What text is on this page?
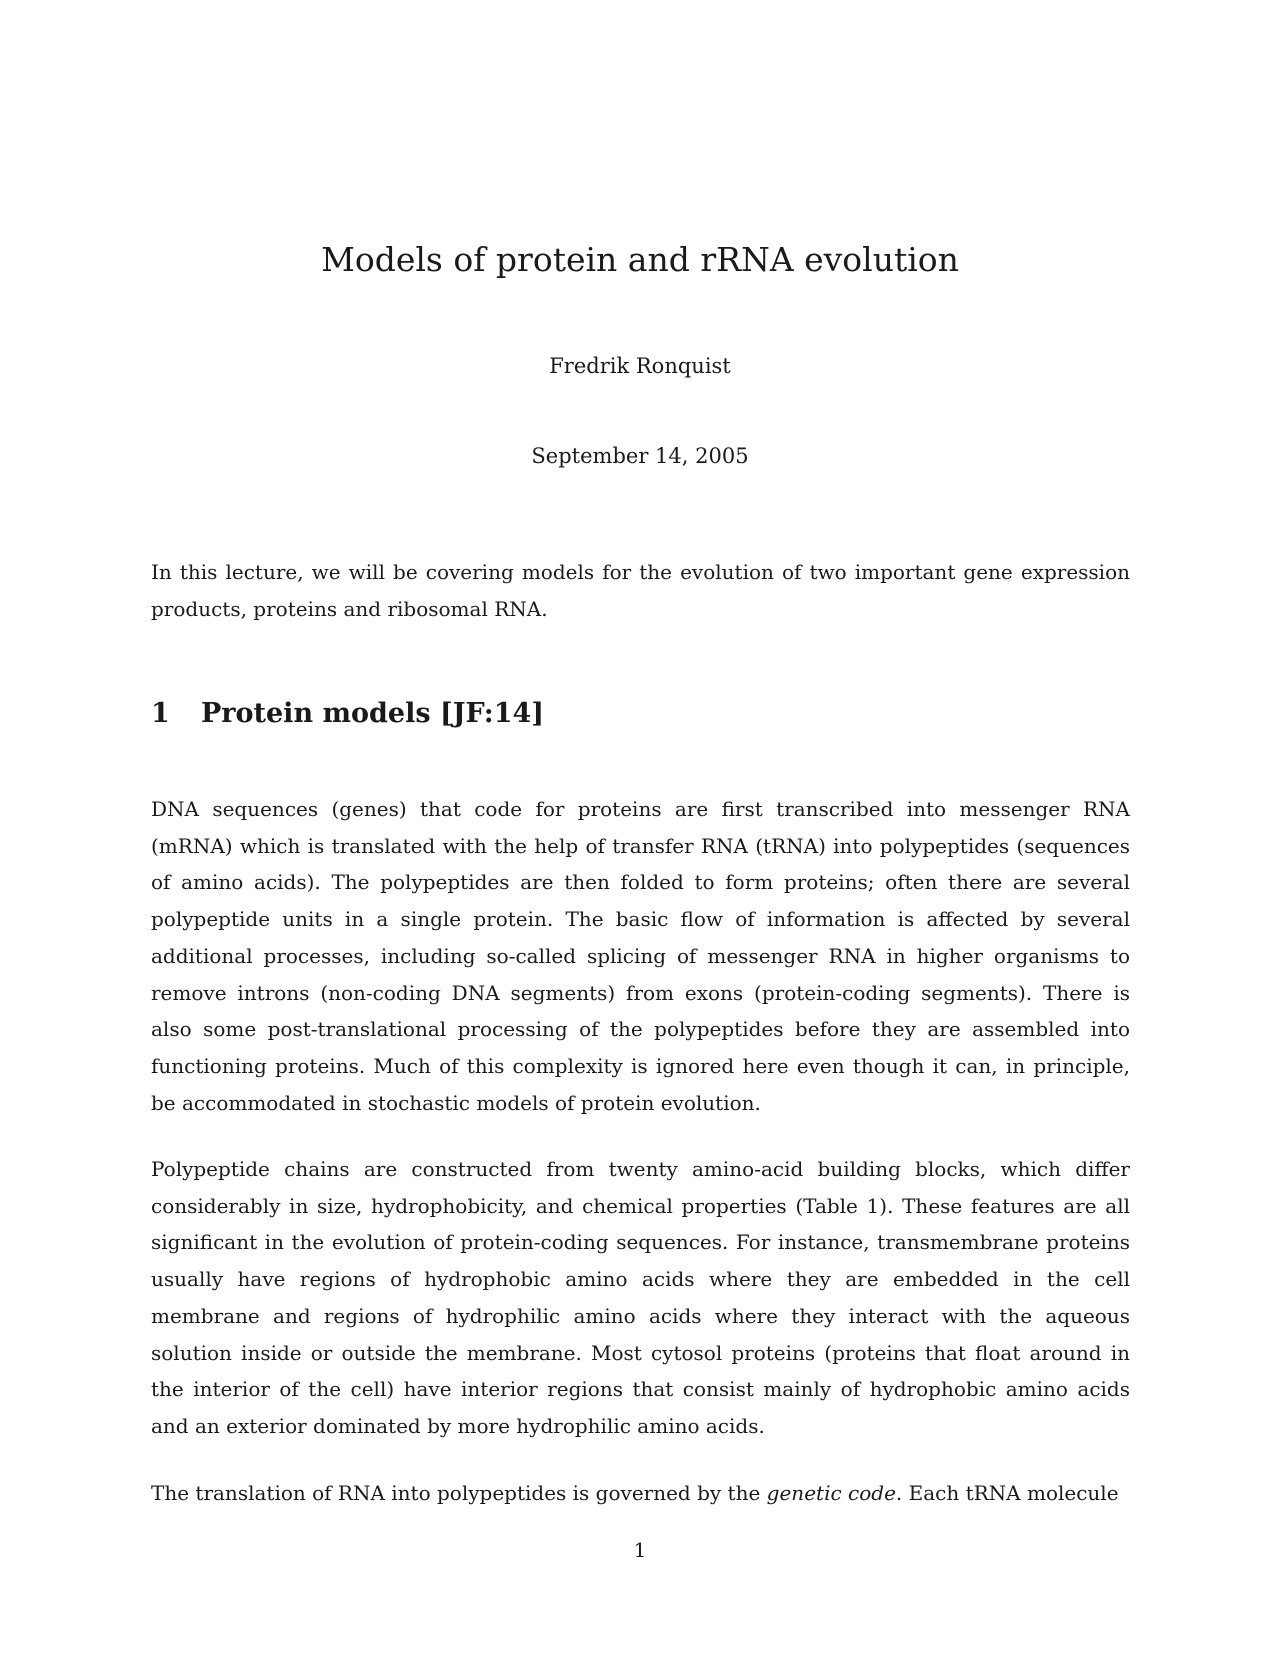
Models of protein and rRNA evolution
Fredrik Ronquist
September 14, 2005

In this lecture, we will be covering models for the evolution of two important gene expression products, proteins and ribosomal RNA.

1 Protein models [JF:14]

DNA sequences (genes) that code for proteins are first transcribed into messenger RNA (mRNA) which is translated with the help of transfer RNA (tRNA) into polypeptides (sequences of amino acids). The polypeptides are then folded to form proteins; often there are several polypeptide units in a single protein. The basic flow of information is affected by several additional processes, including so-called splicing of messenger RNA in higher organisms to remove introns (non-coding DNA segments) from exons (protein-coding segments). There is also some post-translational processing of the polypeptides before they are assembled into functioning proteins. Much of this complexity is ignored here even though it can, in principle, be accommodated in stochastic models of protein evolution.

Polypeptide chains are constructed from twenty amino-acid building blocks, which differ considerably in size, hydrophobicity, and chemical properties (Table 1). These features are all significant in the evolution of protein-coding sequences. For instance, transmembrane proteins usually have regions of hydrophobic amino acids where they are embedded in the cell membrane and regions of hydrophilic amino acids where they interact with the aqueous solution inside or outside the membrane. Most cytosol proteins (proteins that float around in the interior of the cell) have interior regions that consist mainly of hydrophobic amino acids and an exterior dominated by more hydrophilic amino acids.

The translation of RNA into polypeptides is governed by the genetic code. Each tRNA molecule

1
